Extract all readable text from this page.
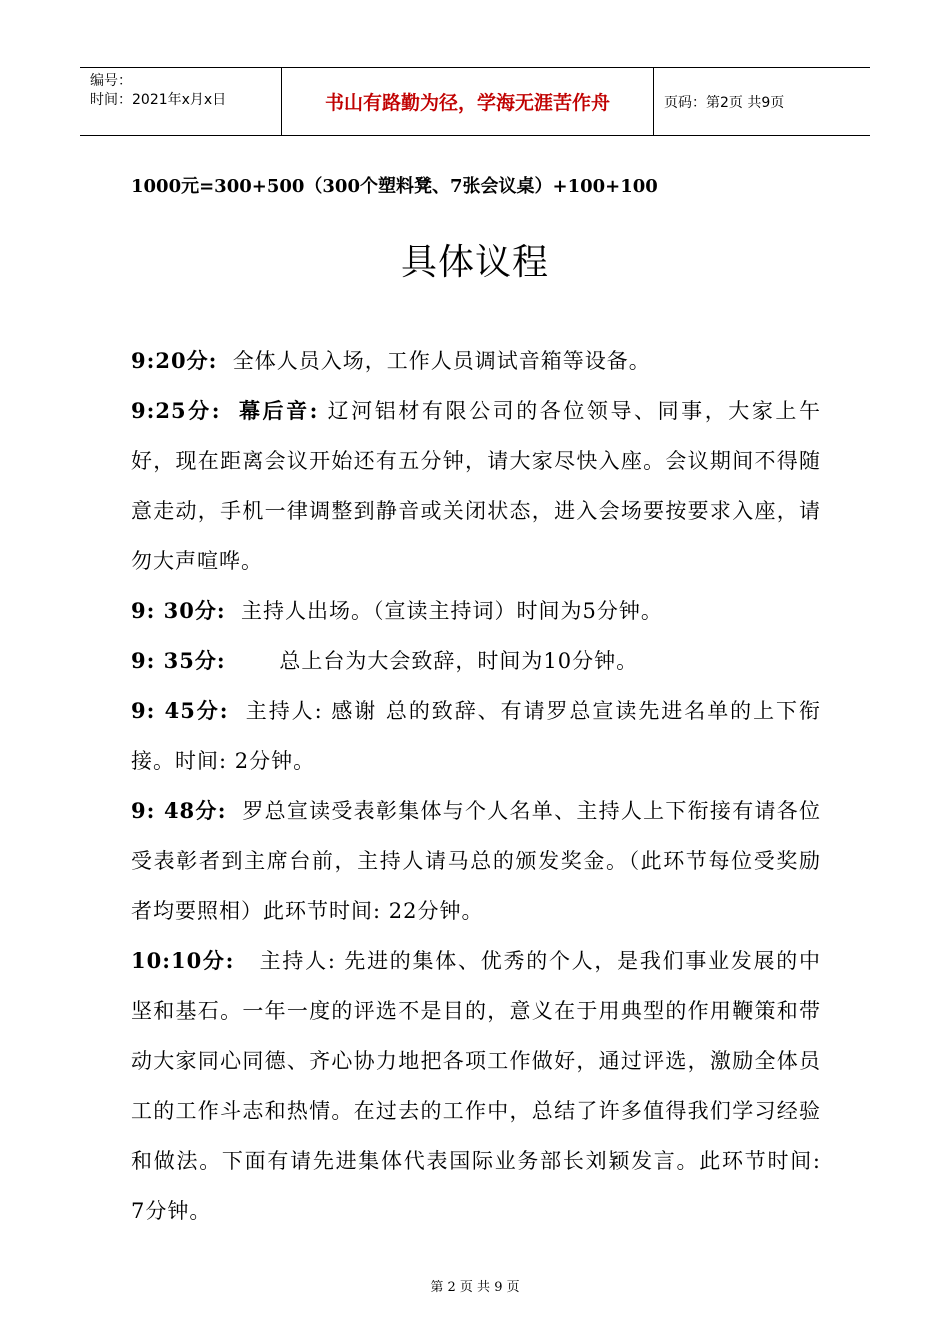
编号：
时间：2021年x月x日	书山有路勤为径，学海无涯苦作舟	页码：第2页 共9页
1000元=300+500（300个塑料凳、7张会议桌）+100+100
具体议程
9:20分: 全体人员入场，工作人员调试音箱等设备。
9:25分: 幕后音: 辽河铝材有限公司的各位领导、同事，大家上午好，现在距离会议开始还有五分钟，请大家尽快入座。会议期间不得随意走动，手机一律调整到静音或关闭状态，进入会场要按要求入座，请勿大声喧哗。
9: 30分: 主持人出场。（宣读主持词）时间为5分钟。
9: 35分:	总上台为大会致辞，时间为10分钟。
9: 45分: 主持人: 感谢 总的致辞、有请罗总宣读先进名单的上下衔接。时间: 2分钟。
9: 48分: 罗总宣读受表彰集体与个人名单、主持人上下衔接有请各位受表彰者到主席台前，主持人请马总的颁发奖金。（此环节每位受奖励者均要照相）此环节时间: 22分钟。
10:10分: 主持人: 先进的集体、优秀的个人，是我们事业发展的中坚和基石。一年一度的评选不是目的，意义在于用典型的作用鞭策和带动大家同心同德、齐心协力地把各项工作做好，通过评选，激励全体员工的工作斗志和热情。在过去的工作中，总结了许多值得我们学习经验和做法。下面有请先进集体代表国际业务部长刘颖发言。此环节时间: 7分钟。
第 2 页 共 9 页
